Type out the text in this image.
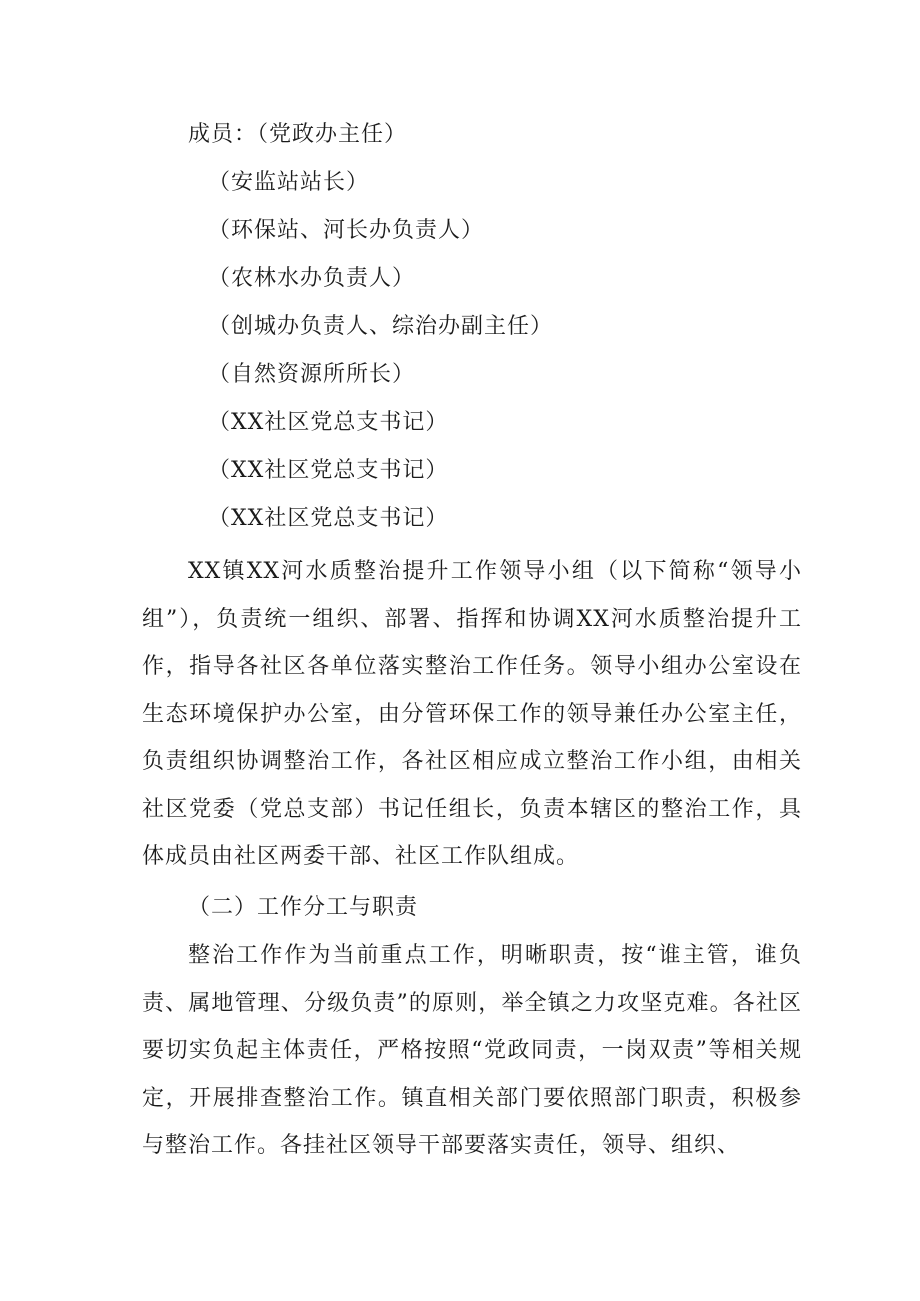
成员：（党政办主任）
（安监站站长）
（环保站、河长办负责人）
（农林水办负责人）
（创城办负责人、综治办副主任）
（自然资源所所长）
（XX社区党总支书记）
（XX社区党总支书记）
（XX社区党总支书记）

XX镇XX河水质整治提升工作领导小组（以下简称“领导小组”），负责统一组织、部署、指挥和协调XX河水质整治提升工作，指导各社区各单位落实整治工作任务。领导小组办公室设在生态环境保护办公室，由分管环保工作的领导兼任办公室主任，负责组织协调整治工作，各社区相应成立整治工作小组，由相关社区党委（党总支部）书记任组长，负责本辖区的整治工作，具体成员由社区两委干部、社区工作队组成。

（二）工作分工与职责

整治工作作为当前重点工作，明晰职责，按“谁主管，谁负责、属地管理、分级负责”的原则，举全镇之力攻坚克难。各社区要切实负起主体责任，严格按照“党政同责，一岗双责”等相关规定，开展排查整治工作。镇直相关部门要依照部门职责，积极参与整治工作。各挂社区领导干部要落实责任，领导、组织、
